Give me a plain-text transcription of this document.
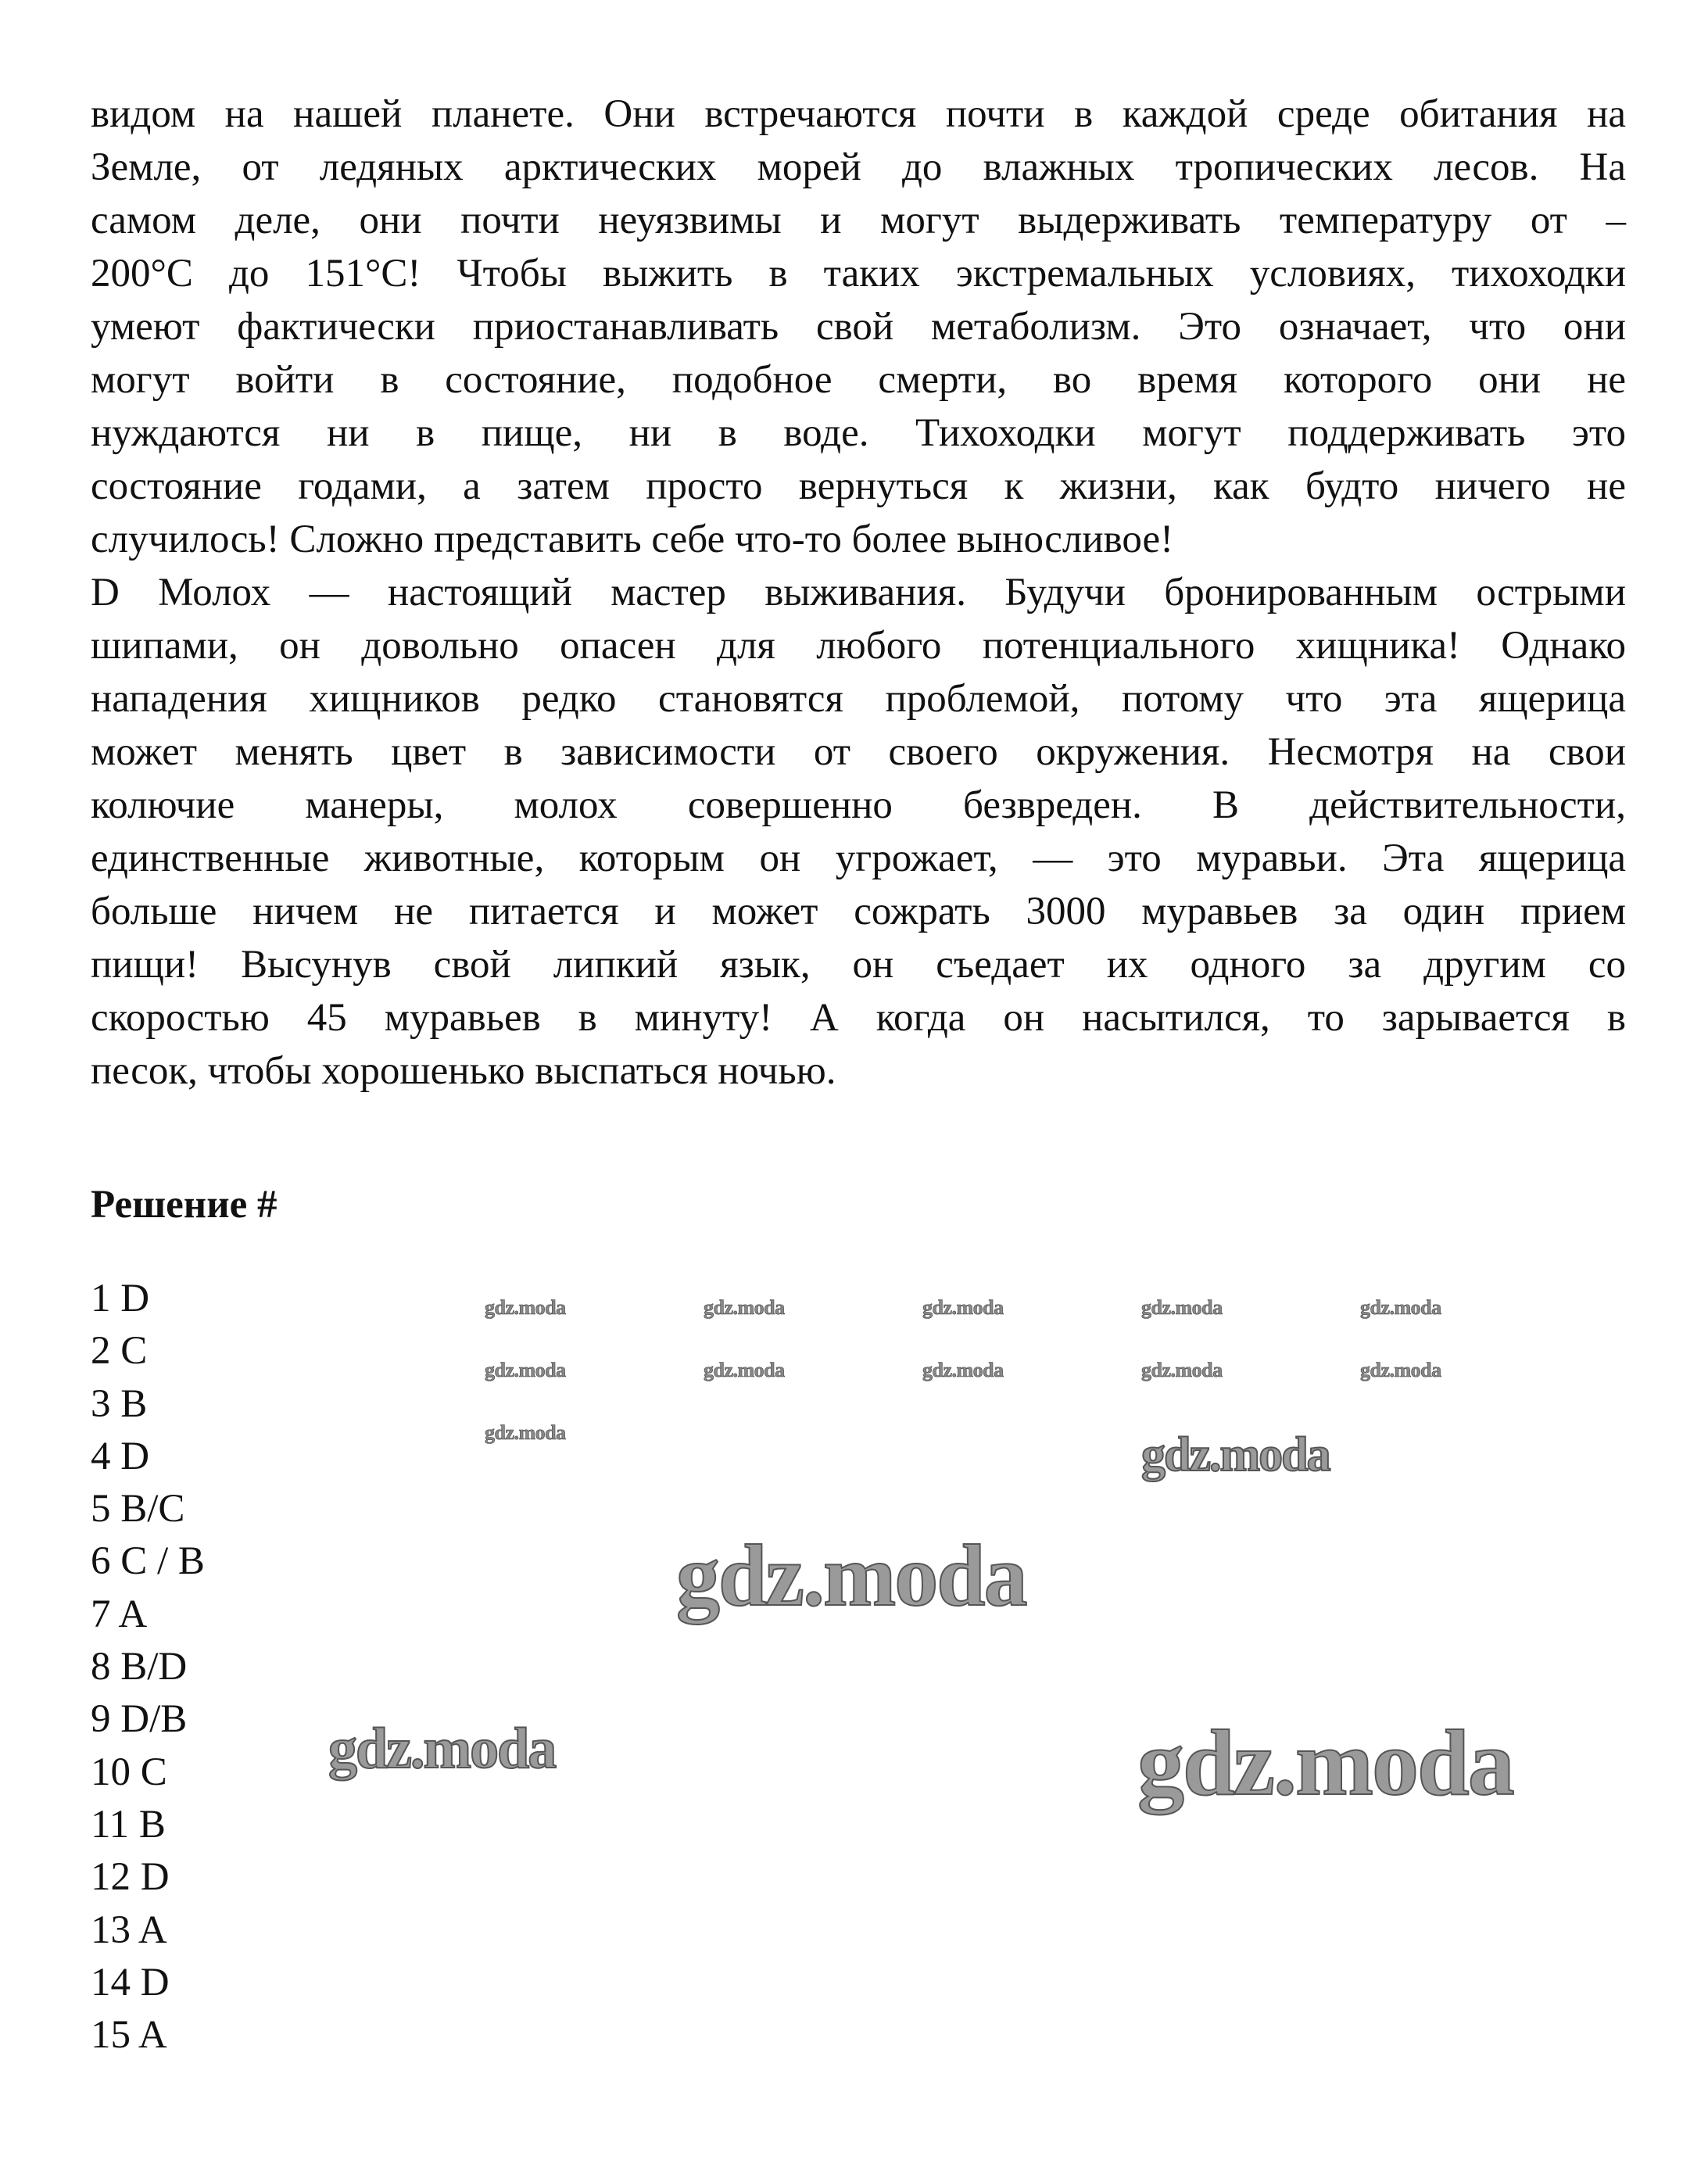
видом на нашей планете. Они встречаются почти в каждой среде обитания на
Земле, от ледяных арктических морей до влажных тропических лесов. На
самом деле, они почти неуязвимы и могут выдерживать температуру от –
200°C до 151°C! Чтобы выжить в таких экстремальных условиях, тихоходки
умеют фактически приостанавливать свой метаболизм. Это означает, что они
могут войти в состояние, подобное смерти, во время которого они не
нуждаются ни в пище, ни в воде. Тихоходки могут поддерживать это
состояние годами, а затем просто вернуться к жизни, как будто ничего не
случилось! Сложно представить себе что-то более выносливое!
D Молох — настоящий мастер выживания. Будучи бронированным острыми
шипами, он довольно опасен для любого потенциального хищника! Однако
нападения хищников редко становятся проблемой, потому что эта ящерица
может менять цвет в зависимости от своего окружения. Несмотря на свои
колючие манеры, молох совершенно безвреден. В действительности,
единственные животные, которым он угрожает, — это муравьи. Эта ящерица
больше ничем не питается и может сожрать 3000 муравьев за один прием
пищи! Высунув свой липкий язык, он съедает их одного за другим со
скоростью 45 муравьев в минуту! А когда он насытился, то зарывается в
песок, чтобы хорошенько выспаться ночью.
Решение #
1 D
2 C
3 B
4 D
5 B/C
6 C / B
7 A
8 B/D
9 D/B
10 C
11 B
12 D
13 A
14 D
15 A
gdz.moda	gdz.moda	gdz.moda	gdz.moda	gdz.moda
gdz.moda	gdz.moda	gdz.moda	gdz.moda	gdz.moda
gdz.moda	gdz.moda
gdz.moda
gdz.moda	gdz.moda
